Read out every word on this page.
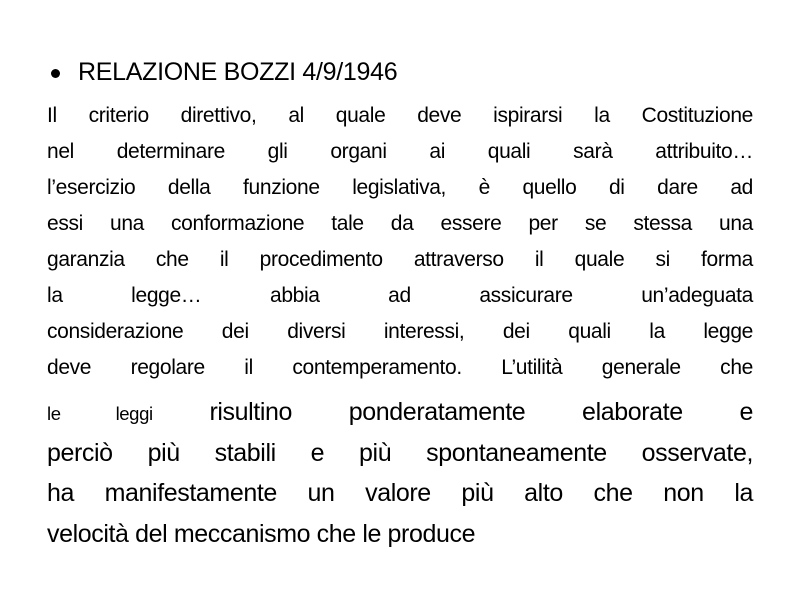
RELAZIONE BOZZI 4/9/1946
Il criterio direttivo, al quale deve ispirarsi la Costituzione
nel determinare gli organi ai quali sarà attribuito…
l’esercizio della funzione legislativa, è quello di dare ad
essi una conformazione tale da essere per se stessa una
garanzia che il procedimento attraverso il quale si forma
la legge… abbia ad assicurare un’adeguata
considerazione dei diversi interessi, dei quali la legge
deve regolare il contemperamento. L’utilità generale che
le leggi risultino ponderatamente elaborate e
perciò più stabili e più spontaneamente osservate,
ha manifestamente un valore più alto che non la
velocità del meccanismo che le produce
